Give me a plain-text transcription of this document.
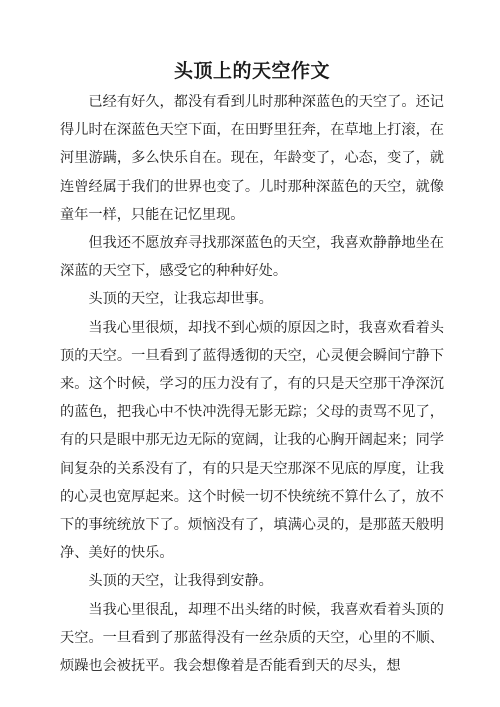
头顶上的天空作文

已经有好久，都没有看到儿时那种深蓝色的天空了。还记得儿时在深蓝色天空下面，在田野里狂奔，在草地上打滚，在河里游蹒，多么快乐自在。现在，年龄变了，心态，变了，就连曾经属于我们的世界也变了。儿时那种深蓝色的天空，就像童年一样，只能在记忆里现。

但我还不愿放弃寻找那深蓝色的天空，我喜欢静静地坐在深蓝的天空下，感受它的种种好处。

头顶的天空，让我忘却世事。

当我心里很烦，却找不到心烦的原因之时，我喜欢看着头顶的天空。一旦看到了蓝得透彻的天空，心灵便会瞬间宁静下来。这个时候，学习的压力没有了，有的只是天空那干净深沉的蓝色，把我心中不快冲洗得无影无踪；父母的责骂不见了，有的只是眼中那无边无际的宽阔，让我的心胸开阔起来；同学间复杂的关系没有了，有的只是天空那深不见底的厚度，让我的心灵也宽厚起来。这个时候一切不快统统不算什么了，放不下的事统统放下了。烦恼没有了，填满心灵的，是那蓝天般明净、美好的快乐。

头顶的天空，让我得到安静。

当我心里很乱，却理不出头绪的时候，我喜欢看着头顶的天空。一旦看到了那蓝得没有一丝杂质的天空，心里的不顺、烦躁也会被抚平。我会想像着是否能看到天的尽头，想
